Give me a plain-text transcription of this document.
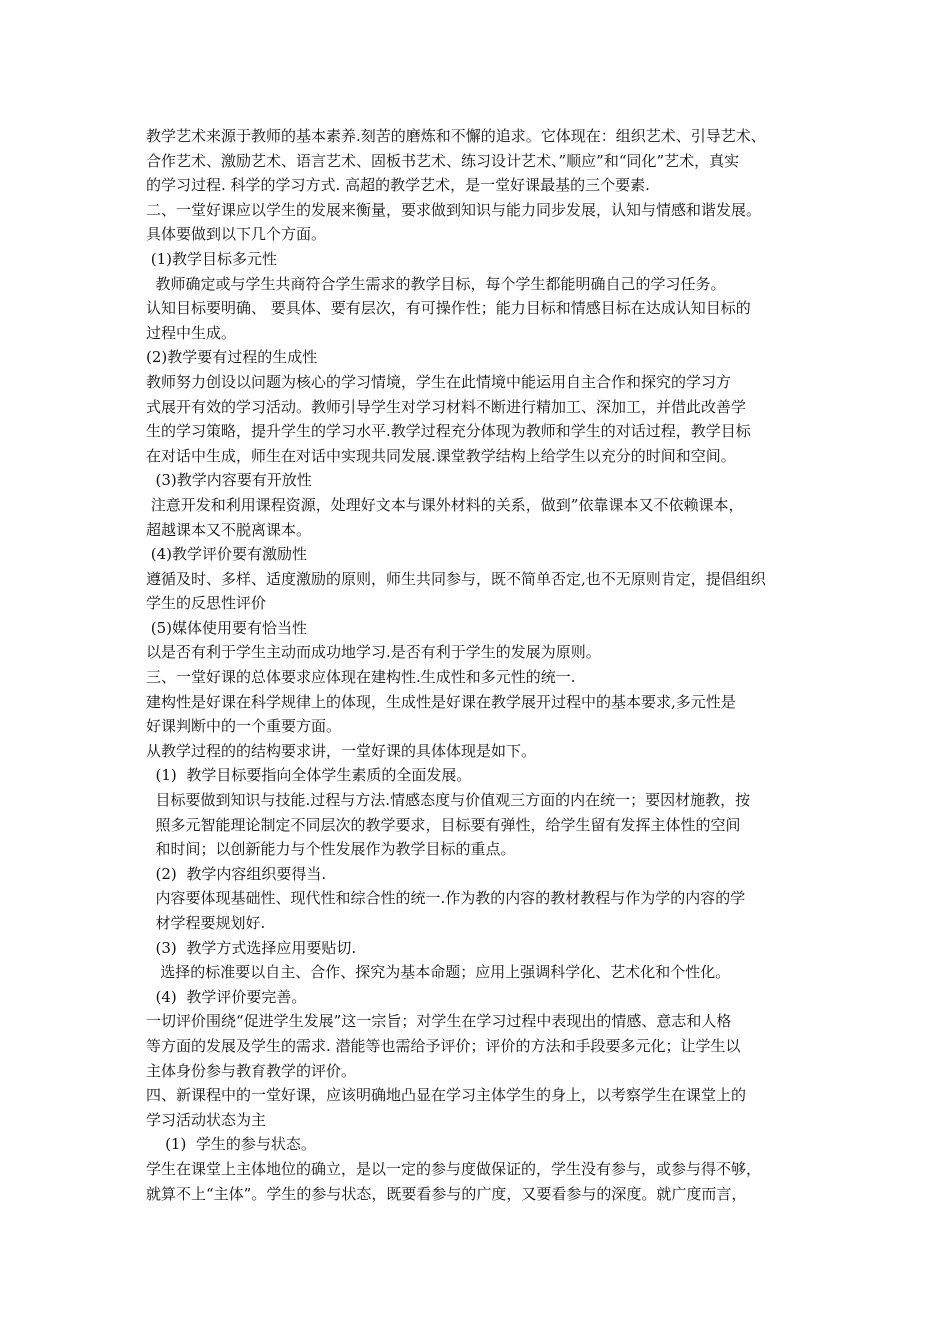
教学艺术来源于教师的基本素养.刻苦的磨炼和不懈的追求。它体现在：组织艺术、引导艺术、
合作艺术、激励艺术、语言艺术、固板书艺术、练习设计艺术、”顺应”和“同化”艺术，真实
的学习过程. 科学的学习方式. 高超的教学艺术，是一堂好课最基的三个要素.
二、一堂好课应以学生的发展来衡量，要求做到知识与能力同步发展，认知与情感和谐发展。
具体要做到以下几个方面。
(1)教学目标多元性
教师确定或与学生共商符合学生需求的教学目标，每个学生都能明确自己的学习任务。
认知目标要明确、 要具体、要有层次，有可操作性；能力目标和情感目标在达成认知目标的
过程中生成。
(2)教学要有过程的生成性
教师努力创设以问题为核心的学习情境，学生在此情境中能运用自主合作和探究的学习方
式展开有效的学习活动。教师引导学生对学习材料不断进行精加工、深加工，并借此改善学
生的学习策略，提升学生的学习水平.教学过程充分体现为教师和学生的对话过程，教学目标
在对话中生成，师生在对话中实现共同发展.课堂教学结构上给学生以充分的时间和空间。
(3)教学内容要有开放性
注意开发和利用课程资源，处理好文本与课外材料的关系，做到”依靠课本又不依赖课本，
超越课本又不脱离课本。
(4)教学评价要有激励性
遵循及时、多样、适度激励的原则，师生共同参与，既不简单否定,也不无原则肯定，提倡组织
学生的反思性评价
(5)媒体使用要有恰当性
以是否有利于学生主动而成功地学习.是否有利于学生的发展为原则。
三、一堂好课的总体要求应体现在建构性.生成性和多元性的统一.
建构性是好课在科学规律上的体现，生成性是好课在教学展开过程中的基本要求,多元性是
好课判断中的一个重要方面。
从教学过程的的结构要求讲，一堂好课的具体体现是如下。
(1)  教学目标要指向全体学生素质的全面发展。
目标要做到知识与技能.过程与方法.情感态度与价值观三方面的内在统一；要因材施教，按
照多元智能理论制定不同层次的教学要求，目标要有弹性，给学生留有发挥主体性的空间
和时间；以创新能力与个性发展作为教学目标的重点。
(2)  教学内容组织要得当.
内容要体现基础性、现代性和综合性的统一.作为教的内容的教材教程与作为学的内容的学
材学程要规划好.
(3)  教学方式选择应用要贴切.
选择的标准要以自主、合作、探究为基本命题；应用上强调科学化、艺术化和个性化。
(4)  教学评价要完善。
一切评价围绕“促进学生发展”这一宗旨；对学生在学习过程中表现出的情感、意志和人格
等方面的发展及学生的需求. 潜能等也需给予评价；评价的方法和手段要多元化；让学生以
主体身份参与教育教学的评价。
四、新课程中的一堂好课，应该明确地凸显在学习主体学生的身上，以考察学生在课堂上的
学习活动状态为主
(1)  学生的参与状态。
学生在课堂上主体地位的确立，是以一定的参与度做保证的，学生没有参与，或参与得不够，
就算不上“主体”。学生的参与状态，既要看参与的广度，又要看参与的深度。就广度而言，
